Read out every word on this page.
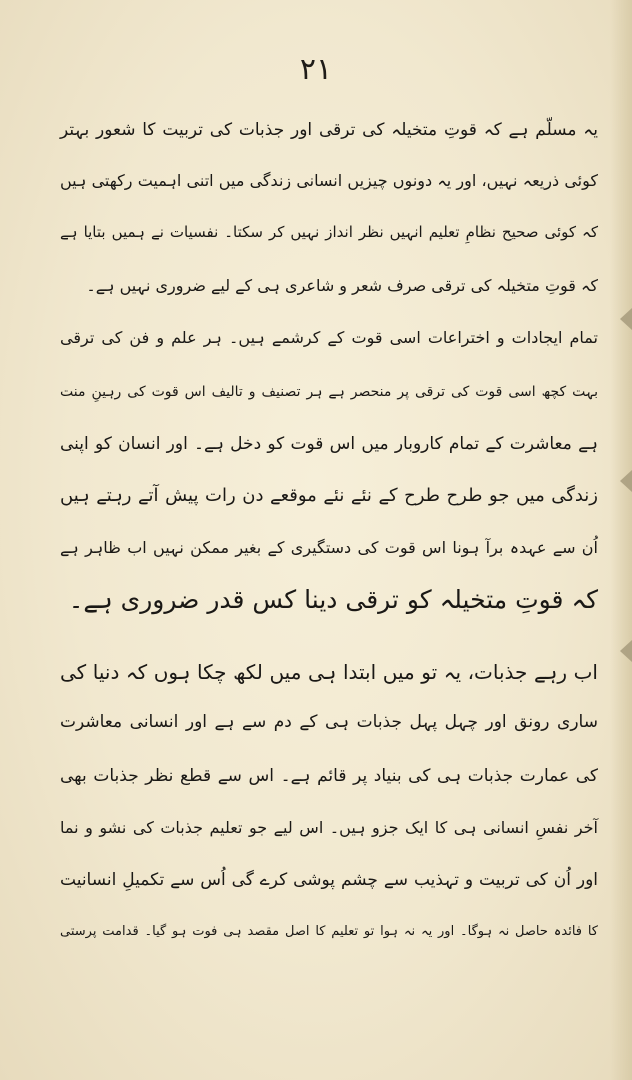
۲۱
یہ مسلّم ہے کہ قوتِ متخیلہ کی ترقی اور جذبات کی تربیت کا شعور بہتر
کوئی ذریعہ نہیں، اور یہ دونوں چیزیں انسانی زندگی میں اتنی اہمیت رکھتی ہیں
کہ کوئی صحیح نظامِ تعلیم انہیں نظر انداز نہیں کر سکتا۔ نفسیات نے ہمیں بتایا ہے
کہ قوتِ متخیلہ کی ترقی صرف شعر و شاعری ہی کے لیے ضروری نہیں ہے۔
تمام ایجادات و اختراعات اسی قوت کے کرشمے ہیں۔ ہر علم و فن کی ترقی
بہت کچھ اسی قوت کی ترقی پر منحصر ہے ہر تصنیف و تالیف اس قوت کی رہینِ منت
ہے معاشرت کے تمام کاروبار میں اس قوت کو دخل ہے۔ اور انسان کو اپنی
زندگی میں جو طرح طرح کے نئے نئے موقعے دن رات پیش آتے رہتے ہیں
اُن سے عہدہ برآ ہونا اس قوت کی دستگیری کے بغیر ممکن نہیں اب ظاہر ہے
کہ قوتِ متخیلہ کو ترقی دینا کس قدر ضروری ہے۔
اب رہے جذبات، یہ تو میں ابتدا ہی میں لکھ چکا ہوں کہ دنیا کی
ساری رونق اور چہل پہل جذبات ہی کے دم سے ہے اور انسانی معاشرت
کی عمارت جذبات ہی کی بنیاد پر قائم ہے۔ اس سے قطع نظر جذبات بھی
آخر نفسِ انسانی ہی کا ایک جزو ہیں۔ اس لیے جو تعلیم جذبات کی نشو و نما
اور اُن کی تربیت و تہذیب سے چشم پوشی کرے گی اُس سے تکمیلِ انسانیت
کا فائدہ حاصل نہ ہوگا۔ اور یہ نہ ہوا تو تعلیم کا اصل مقصد ہی فوت ہو گیا۔ قدامت پرستی
